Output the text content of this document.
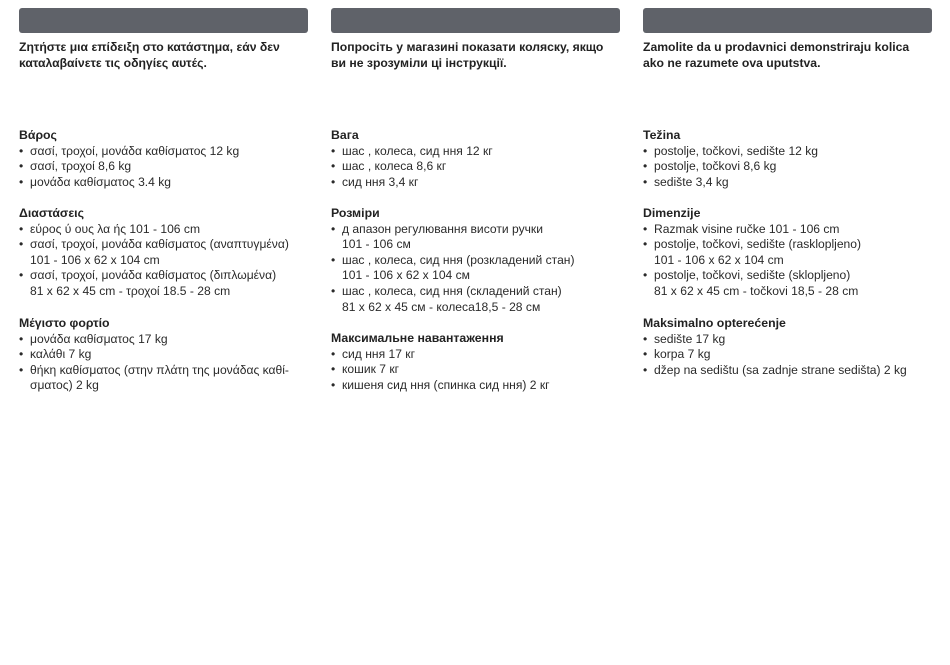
Ζητήστε μια επίδειξη στο κατάστημα, εάν δεν καταλαβαίνετε τις οδηγίες αυτές.

Βάρος

• σασί, τροχοί, μονάδα καθίσματος 12 kg
• σασί, τροχοί 8,6 kg
• μονάδα καθίσματος 3.4 kg

Διαστάσεις

• εύρος ύ ους λα ής 101 - 106 cm
• σασί, τροχοί, μονάδα καθίσματος (αναπτυγμένα)
101 - 106 x 62 x 104 cm
• σασί, τροχοί, μονάδα καθίσματος (διπλωμένα)
81 x 62 x 45 cm - τροχοί 18.5 - 28 cm

Μέγιστο φορτίο

• μονάδα καθίσματος 17 kg
• καλάθι 7 kg
• θήκη καθίσματος (στην πλάτη της μονάδας καθί-
σματος) 2 kg

Попросіть у магазині показати коляску, якщо ви не зрозуміли ці інструкції.

Вага

• шас , колеса, сид ння 12 кг
• шас , колеса 8,6 кг
• сид ння 3,4 кг

Розміри

• д апазон регулювання висоти ручки
101 - 106 см
• шас , колеса, сид ння (розкладений стан)
101 - 106 x 62 x 104 cм
• шас , колеса, сид ння (складений стан)
81 x 62 x 45 cм - колеса18,5 - 28 cм

Максимальне навантаження

• сид ння 17 кг
• кошик 7 кг
• кишеня сид ння (спинка сид ння) 2 кг

Zamolite da u prodavnici demonstriraju kolica ako ne razumete ova uputstva.

Težina

• postolje, točkovi, sedište 12 kg
• postolje, točkovi 8,6 kg
• sedište 3,4 kg

Dimenzije

• Razmak visine ručke 101 - 106 cm
• postolje, točkovi, sedište (rasklopljeno)
101 - 106 x 62 x 104 cm
• postolje, točkovi, sedište (sklopljeno)
81 x 62 x 45 cm - točkovi 18,5 - 28 cm

Maksimalno opterećenje

• sedište 17 kg
• korpa 7 kg
• džep na sedištu (sa zadnje strane sedišta) 2 kg
